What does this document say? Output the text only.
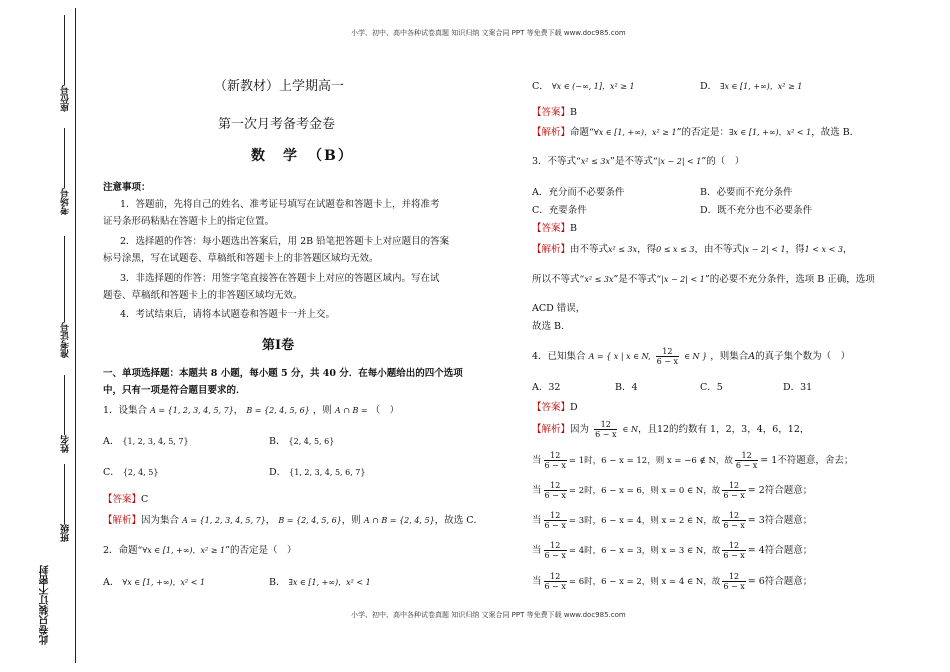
小学、初中、高中各种试卷真题 知识归纳 文案合同 PPT 等免费下载 www.doc985.com
小学、初中、高中各种试卷真题 知识归纳 文案合同 PPT 等免费下载 www.doc985.com
座位号
考场号
准考证号
姓名
班级
此卷只装订不密封
（新教材）上学期高一
第一次月考备考金卷
数　学　（B）
注意事项：
1．答题前，先将自己的姓名、准考证号填写在试题卷和答题卡上，并将准考
证号条形码粘贴在答题卡上的指定位置。
2．选择题的作答：每小题选出答案后，用 2B 铅笔把答题卡上对应题目的答案
标号涂黑，写在试题卷、草稿纸和答题卡上的非答题区域均无效。
3．非选择题的作答：用签字笔直接答在答题卡上对应的答题区域内。写在试
题卷、草稿纸和答题卡上的非答题区域均无效。
4．考试结束后，请将本试题卷和答题卡一并上交。
第Ⅰ卷
一、单项选择题：本题共 8 小题，每小题 5 分，共 40 分．在每小题给出的四个选项
中，只有一项是符合题目要求的．
1．设集合 A = {1, 2, 3, 4, 5, 7}， B = {2, 4, 5, 6} ，则 A ∩ B = （　）
A． {1, 2, 3, 4, 5, 7}	B． {2, 4, 5, 6}
C． {2, 4, 5}	D． {1, 2, 3, 4, 5, 6, 7}
【答案】C
【解析】因为集合 A = {1, 2, 3, 4, 5, 7}， B = {2, 4, 5, 6}，则 A ∩ B = {2, 4, 5}，故选 C．
2．命题“∀x ∈ [1, +∞)，x² ≥ 1”的否定是（　）
A． ∀x ∈ [1, +∞)，x² < 1	B． ∃x ∈ [1, +∞)，x² < 1
C． ∀x ∈ (−∞, 1]，x² ≥ 1	D． ∃x ∈ [1, +∞)，x² ≥ 1
【答案】B
【解析】命题“∀x ∈ [1, +∞)，x² ≥ 1”的否定是：∃x ∈ [1, +∞)，x² < 1，故选 B．
3．不等式“x² ≤ 3x”是不等式“|x − 2| < 1”的（　）
A．充分而不必要条件	B．必要而不充分条件
C．充要条件	D．既不充分也不必要条件
【答案】B
【解析】由不等式x² ≤ 3x，得0 ≤ x ≤ 3，由不等式|x − 2| < 1，得1 < x < 3，
所以不等式“x² ≤ 3x”是不等式“|x − 2| < 1”的必要不充分条件，选项 B 正确，选项
ACD 错误，
故选 B.
4．已知集合 A = { x | x ∈ N, $\frac{12}{6 - x}$ ∈ N } ，则集合A的真子集个数为（　）
A．32	B．4	C．5	D．31
【答案】D
【解析】因为 $\frac{12}{6 - x}$ ∈ N，且12的约数有 1，2，3，4，6，12，
当 $\frac{12}{6 - x} = 1$时，6 − x = 12，则 x = −6 ∉ N，故 $\frac{12}{6 - x} = 1$不符题意，舍去；
当 $\frac{12}{6 - x} = 2$时，6 − x = 6，则 x = 0 ∈ N，故 $\frac{12}{6 - x} = 2$符合题意；
当 $\frac{12}{6 - x} = 3$时，6 − x = 4，则 x = 2 ∈ N，故 $\frac{12}{6 - x} = 3$符合题意；
当 $\frac{12}{6 - x} = 4$时，6 − x = 3，则 x = 3 ∈ N，故 $\frac{12}{6 - x} = 4$符合题意；
当 $\frac{12}{6 - x} = 6$时，6 − x = 2，则 x = 4 ∈ N，故 $\frac{12}{6 - x} = 6$符合题意；
